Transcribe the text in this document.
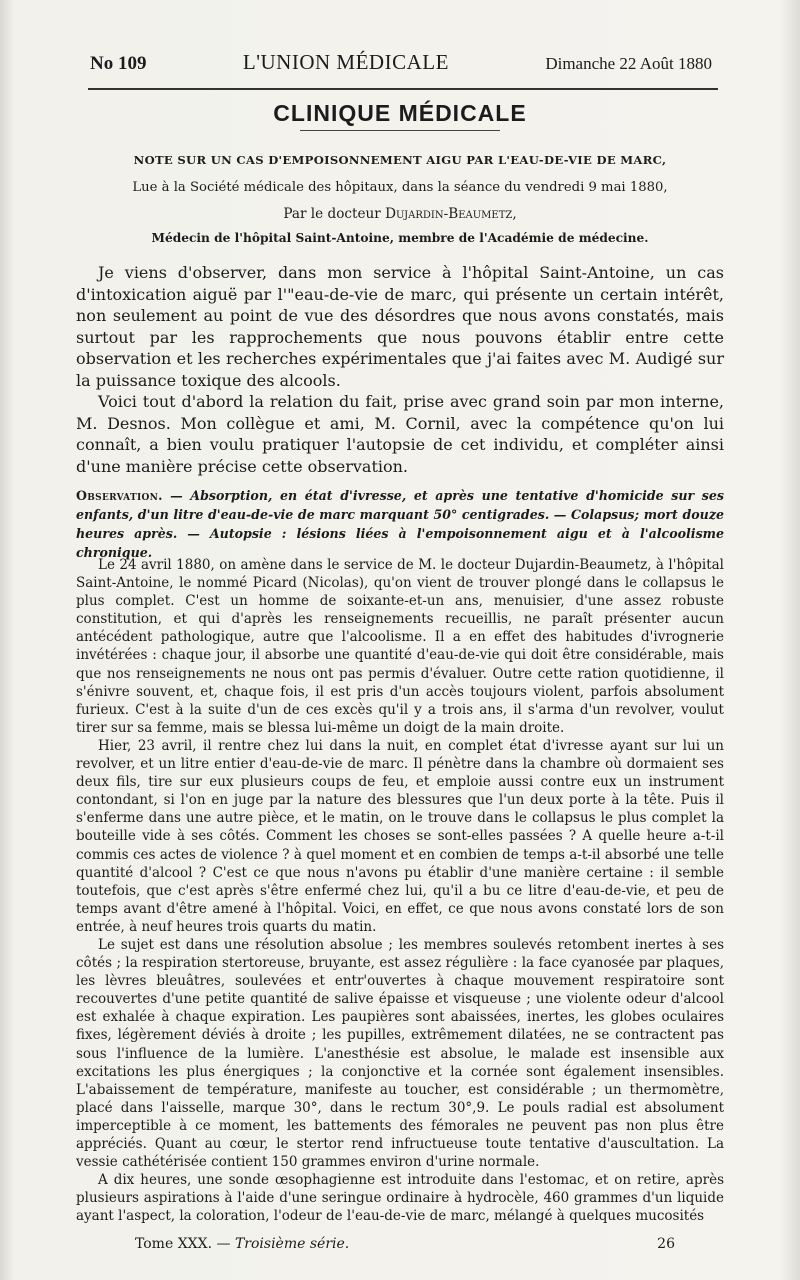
No 109	L'UNION MÉDICALE	Dimanche 22 Août 1880
CLINIQUE MÉDICALE
NOTE SUR UN CAS D'EMPOISONNEMENT AIGU PAR L'EAU-DE-VIE DE MARC,
Lue à la Société médicale des hôpitaux, dans la séance du vendredi 9 mai 1880,
Par le docteur Dujardin-Beaumetz,
Médecin de l'hôpital Saint-Antoine, membre de l'Académie de médecine.

Je viens d'observer, dans mon service à l'hôpital Saint-Antoine, un cas d'intoxication aiguë par l'"eau-de-vie de marc, qui présente un certain intérêt, non seulement au point de vue des désordres que nous avons constatés, mais surtout par les rapprochements que nous pouvons établir entre cette observation et les recherches expérimentales que j'ai faites avec M. Audigé sur la puissance toxique des alcools.

Voici tout d'abord la relation du fait, prise avec grand soin par mon interne, M. Desnos. Mon collègue et ami, M. Cornil, avec la compétence qu'on lui connaît, a bien voulu pratiquer l'autopsie de cet individu, et compléter ainsi d'une manière précise cette observation.

Observation. — Absorption, en état d'ivresse, et après une tentative d'homicide sur ses enfants, d'un litre d'eau-de-vie de marc marquant 50° centigrades. — Colapsus; mort douze heures après. — Autopsie : lésions liées à l'empoisonnement aigu et à l'alcoolisme chronique.

Le 24 avril 1880, on amène dans le service de M. le docteur Dujardin-Beaumetz, à l'hôpital Saint-Antoine, le nommé Picard (Nicolas), qu'on vient de trouver plongé dans le collapsus le plus complet. C'est un homme de soixante-et-un ans, menuisier, d'une assez robuste constitution, et qui d'après les renseignements recueillis, ne paraît présenter aucun antécédent pathologique, autre que l'alcoolisme. Il a en effet des habitudes d'ivrognerie invétérées : chaque jour, il absorbe une quantité d'eau-de-vie qui doit être considérable, mais que nos renseignements ne nous ont pas permis d'évaluer. Outre cette ration quotidienne, il s'énivre souvent, et, chaque fois, il est pris d'un accès toujours violent, parfois absolument furieux. C'est à la suite d'un de ces excès qu'il y a trois ans, il s'arma d'un revolver, voulut tirer sur sa femme, mais se blessa lui-même un doigt de la main droite.

Hier, 23 avril, il rentre chez lui dans la nuit, en complet état d'ivresse ayant sur lui un revolver, et un litre entier d'eau-de-vie de marc. Il pénètre dans la chambre où dormaient ses deux fils, tire sur eux plusieurs coups de feu, et emploie aussi contre eux un instrument contondant, si l'on en juge par la nature des blessures que l'un deux porte à la tête. Puis il s'enferme dans une autre pièce, et le matin, on le trouve dans le collapsus le plus complet la bouteille vide à ses côtés. Comment les choses se sont-elles passées ? A quelle heure a-t-il commis ces actes de violence ? à quel moment et en combien de temps a-t-il absorbé une telle quantité d'alcool ? C'est ce que nous n'avons pu établir d'une manière certaine : il semble toutefois, que c'est après s'être enfermé chez lui, qu'il a bu ce litre d'eau-de-vie, et peu de temps avant d'être amené à l'hôpital. Voici, en effet, ce que nous avons constaté lors de son entrée, à neuf heures trois quarts du matin.

Le sujet est dans une résolution absolue ; les membres soulevés retombent inertes à ses côtés ; la respiration stertoreuse, bruyante, est assez régulière : la face cyanosée par plaques, les lèvres bleuâtres, soulevées et entr'ouvertes à chaque mouvement respiratoire sont recouvertes d'une petite quantité de salive épaisse et visqueuse ; une violente odeur d'alcool est exhalée à chaque expiration. Les paupières sont abaissées, inertes, les globes oculaires fixes, légèrement déviés à droite ; les pupilles, extrêmement dilatées, ne se contractent pas sous l'influence de la lumière. L'anesthésie est absolue, le malade est insensible aux excitations les plus énergiques ; la conjonctive et la cornée sont également insensibles. L'abaissement de température, manifeste au toucher, est considérable ; un thermomètre, placé dans l'aisselle, marque 30°, dans le rectum 30°,9. Le pouls radial est absolument imperceptible à ce moment, les battements des fémorales ne peuvent pas non plus être appréciés. Quant au cœur, le stertor rend infructueuse toute tentative d'auscultation. La vessie cathétérisée contient 150 grammes environ d'urine normale.

A dix heures, une sonde œsophagienne est introduite dans l'estomac, et on retire, après plusieurs aspirations à l'aide d'une seringue ordinaire à hydrocèle, 460 grammes d'un liquide ayant l'aspect, la coloration, l'odeur de l'eau-de-vie de marc, mélangé à quelques mucosités

Tome XXX. — Troisième série.	26
